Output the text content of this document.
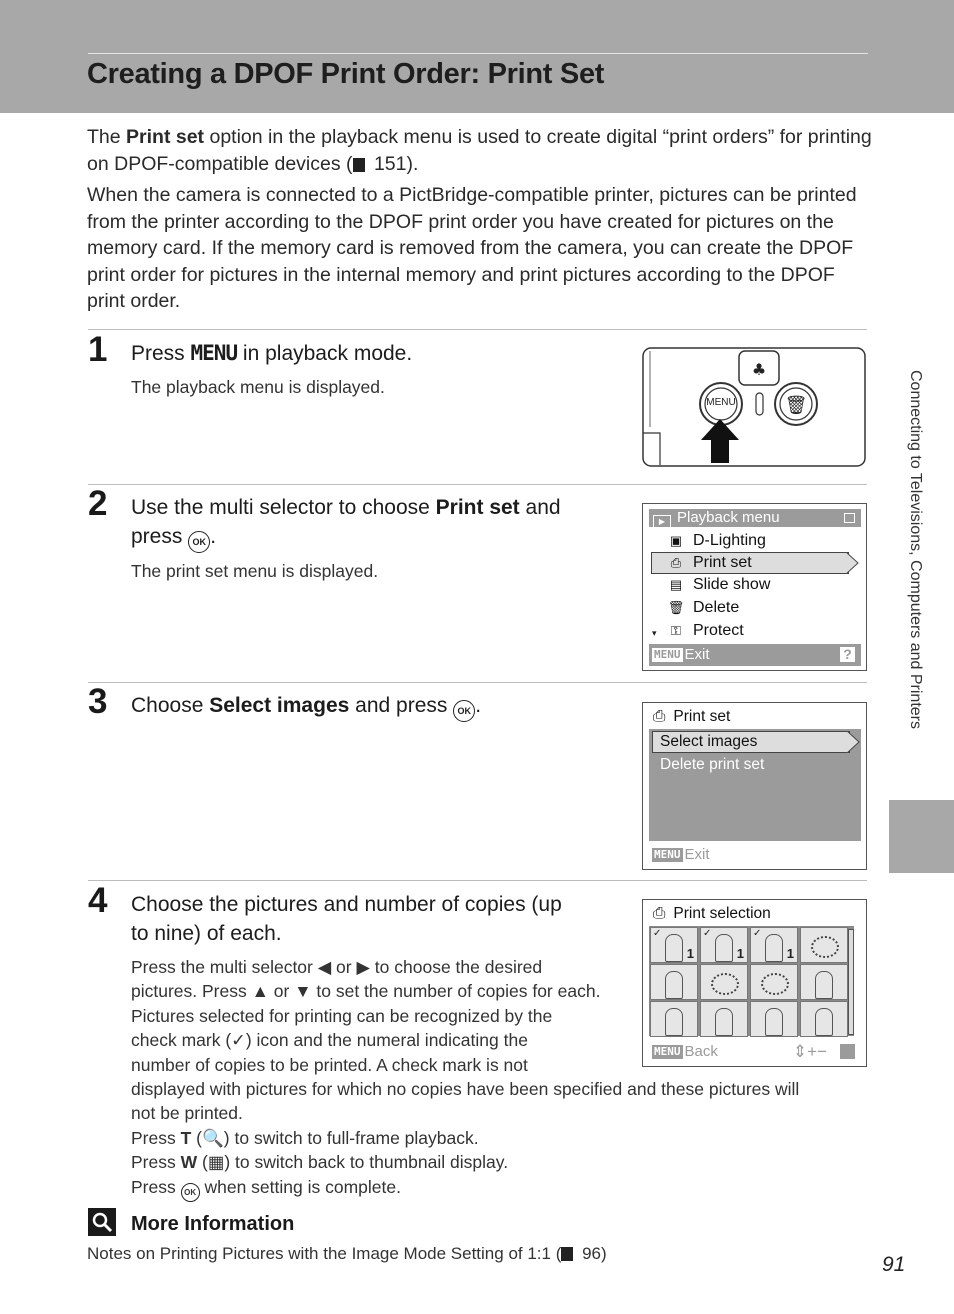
Creating a DPOF Print Order: Print Set

The Print set option in the playback menu is used to create digital “print orders” for printing on DPOF-compatible devices ( 151).

When the camera is connected to a PictBridge-compatible printer, pictures can be printed from the printer according to the DPOF print order you have created for pictures on the memory card. If the memory card is removed from the camera, you can create the DPOF print order for pictures in the internal memory and print pictures according to the DPOF print order.

1 Press MENU in playback mode.

The playback menu is displayed.

♣
🗑
MENU
2 Use the multi selector to choose Print set and
press OK .

The print set menu is displayed.

▶ Playback menu
▣ D-Lighting
⎙ Print set
▤ Slide show
🗑 Delete
⚿ Protect
▾
MENU Exit	?
3 Choose Select images and press OK .	⎙ Print set
Select images
Delete print set
MENU Exit
4 Choose the pictures and number of copies (up
to nine) of each.

Press the multi selector ◀ or ▶ to choose the desired

pictures. Press ▲ or ▼ to set the number of copies for each.

Pictures selected for printing can be recognized by the

check mark (✓) icon and the numeral indicating the

number of copies to be printed. A check mark is not

displayed with pictures for which no copies have been specified and these pictures will

not be printed.

Press T (🔍) to switch to full-frame playback.

Press W (▦) to switch back to thumbnail display.

Press OK when setting is complete.

⎙ Print selection
✓
1
✓
1
✓
1
MENU Back	⇕+−
More Information
Notes on Printing Pictures with the Image Mode Setting of 1:1 ( 96)
Connecting to Televisions, Computers and Printers
91
